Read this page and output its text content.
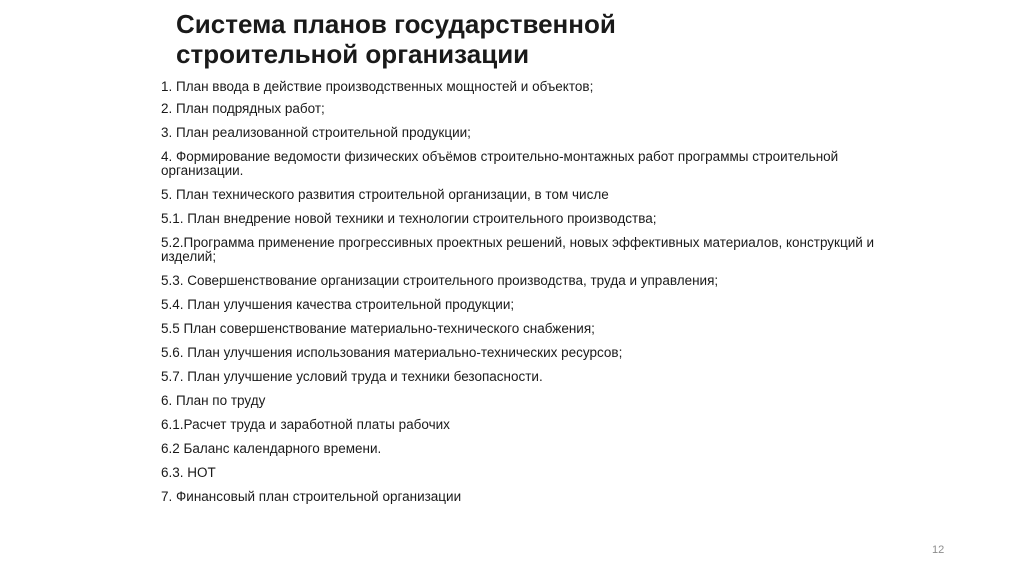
Система планов государственной
строительной организации
1. План ввода в действие производственных мощностей и объектов;
2. План подрядных работ;
3. План реализованной строительной продукции;
4. Формирование ведомости физических объёмов строительно-монтажных работ программы строительной организации.
5. План технического развития строительной организации, в том числе
5.1. План внедрение новой техники и технологии строительного производства;
5.2.Программа применение прогрессивных проектных решений, новых эффективных материалов, конструкций и изделий;
5.3. Совершенствование организации строительного производства, труда и управления;
5.4. План улучшения качества строительной продукции;
5.5 План совершенствование материально-технического снабжения;
5.6. План улучшения использования материально-технических ресурсов;
5.7. План улучшение условий труда и техники безопасности.
6. План по труду
6.1.Расчет труда и заработной платы рабочих
6.2 Баланс календарного времени.
6.3. НОТ
7. Финансовый план строительной организации
12
